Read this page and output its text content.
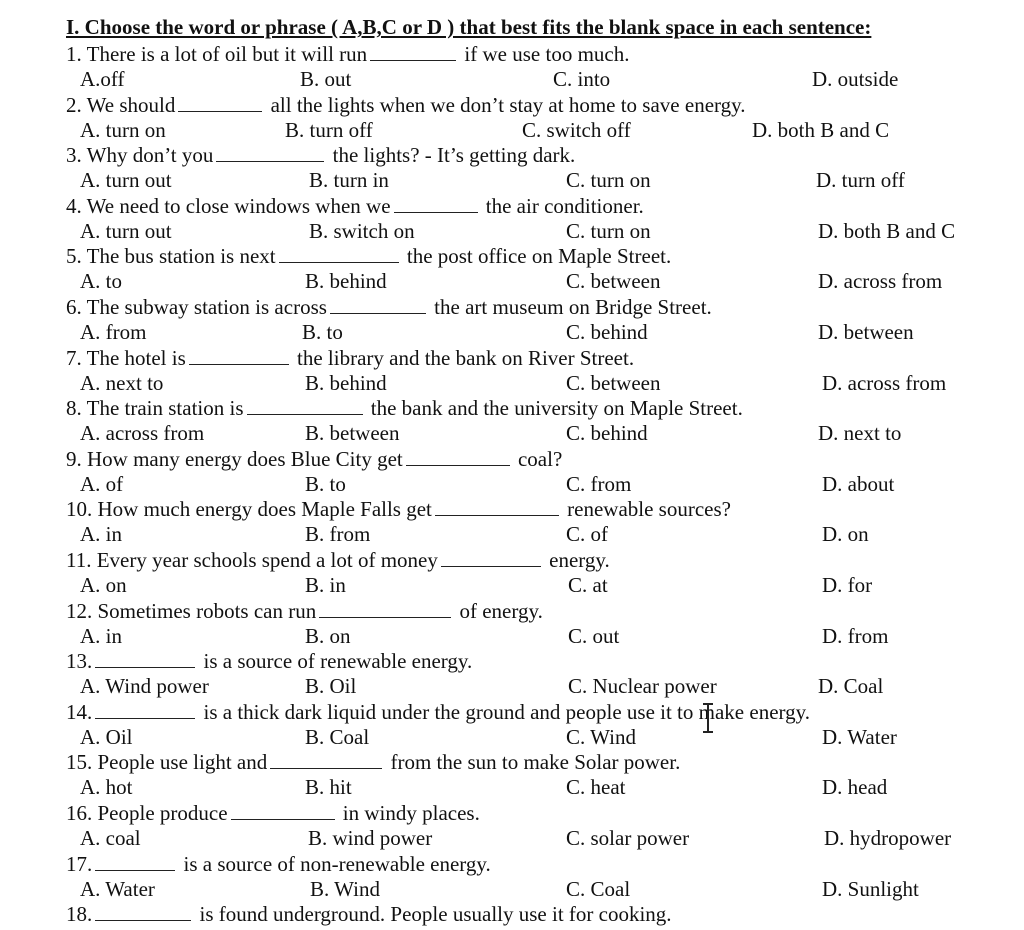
I. Choose the word or phrase ( A,B,C or D ) that best fits the blank space in each sentence:
1. There is a lot of oil but it will run	if we use too much.
A.off	B. out	C. into	D. outside
2. We should	all the lights when we don’t stay at home to save energy.
A. turn on	B. turn off	C. switch off	D. both B and C
3. Why don’t you	the lights? - It’s getting dark.
A. turn out	B. turn in	C. turn on	D. turn off
4. We need to close windows when we	the air conditioner.
A. turn out	B. switch on	C. turn on	D. both B and C
5. The bus station is next	the post office on Maple Street.
A. to	B. behind	C. between	D. across from
6. The subway station is across	the art museum on Bridge Street.
A. from	B. to	C. behind	D. between
7. The hotel is	the library and the bank on River Street.
A. next to	B. behind	C. between	D. across from
8. The train station is	the bank and the university on Maple Street.
A. across from	B. between	C. behind	D. next to
9. How many energy does Blue City get	coal?
A. of	B. to	C. from	D. about
10. How much energy does Maple Falls get	renewable sources?
A. in	B. from	C. of	D. on
11. Every year schools spend a lot of money	energy.
A. on	B. in	C. at	D. for
12. Sometimes robots can run	of energy.
A. in	B. on	C. out	D. from
13.	is a source of renewable energy.
A. Wind power	B. Oil	C. Nuclear power	D. Coal
14.	is a thick dark liquid under the ground and people use it to make energy.
A. Oil	B. Coal	C. Wind	D. Water
15. People use light and	from the sun to make Solar power.
A. hot	B. hit	C. heat	D. head
16. People produce	in windy places.
A. coal	B. wind power	C. solar power	D. hydropower
17.	is a source of non-renewable energy.
A. Water	B. Wind	C. Coal	D. Sunlight
18.	is found underground. People usually use it for cooking.
